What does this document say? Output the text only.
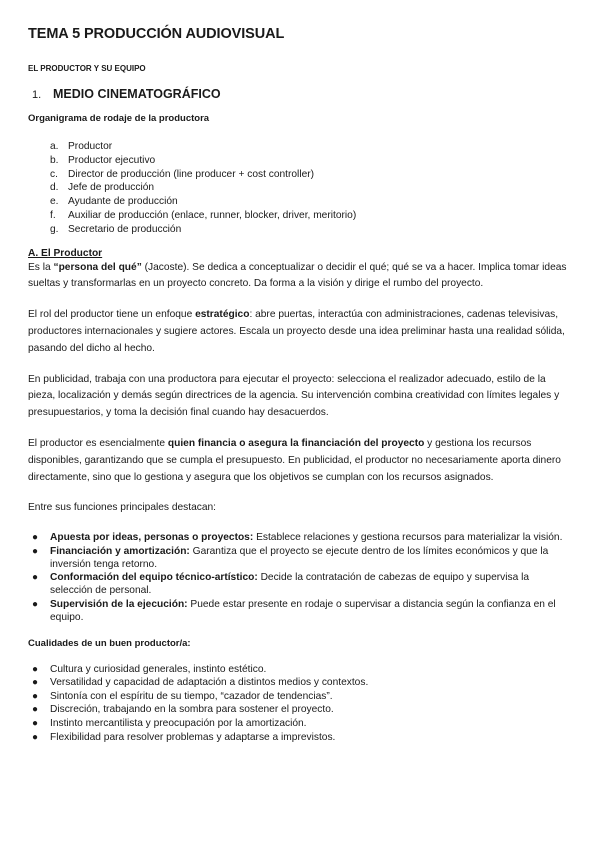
TEMA 5 PRODUCCIÓN AUDIOVISUAL
EL PRODUCTOR Y SU EQUIPO
1. MEDIO CINEMATOGRÁFICO
Organigrama de rodaje de la productora
a. Productor
b. Productor ejecutivo
c. Director de producción (line producer + cost controller)
d. Jefe de producción
e. Ayudante de producción
f.	Auxiliar de producción (enlace, runner, blocker, driver, meritorio)
g. Secretario de producción
A. El Productor

Es la “persona del qué” (Jacoste). Se dedica a conceptualizar o decidir el qué; qué se va a hacer. Implica tomar ideas sueltas y transformarlas en un proyecto concreto. Da forma a la visión y dirige el rumbo del proyecto.

El rol del productor tiene un enfoque estratégico: abre puertas, interactúa con administraciones, cadenas televisivas, productores internacionales y sugiere actores. Escala un proyecto desde una idea preliminar hasta una realidad sólida, pasando del dicho al hecho.

En publicidad, trabaja con una productora para ejecutar el proyecto: selecciona el realizador adecuado, estilo de la pieza, localización y demás según directrices de la agencia. Su intervención combina creatividad con límites legales y presupuestarios, y toma la decisión final cuando hay desacuerdos.

El productor es esencialmente quien financia o asegura la financiación del proyecto y gestiona los recursos disponibles, garantizando que se cumpla el presupuesto. En publicidad, el productor no necesariamente aporta dinero directamente, sino que lo gestiona y asegura que los objetivos se cumplan con los recursos asignados.

Entre sus funciones principales destacan:

●	Apuesta por ideas, personas o proyectos: Establece relaciones y gestiona recursos para materializar la visión.
●	Financiación y amortización: Garantiza que el proyecto se ejecute dentro de los límites económicos y que la inversión tenga retorno.
●	Conformación del equipo técnico-artístico: Decide la contratación de cabezas de equipo y supervisa la selección de personal.
●	Supervisión de la ejecución: Puede estar presente en rodaje o supervisar a distancia según la confianza en el equipo.
Cualidades de un buen productor/a:
●	Cultura y curiosidad generales, instinto estético.
●	Versatilidad y capacidad de adaptación a distintos medios y contextos.
●	Sintonía con el espíritu de su tiempo, “cazador de tendencias”.
●	Discreción, trabajando en la sombra para sostener el proyecto.
●	Instinto mercantilista y preocupación por la amortización.
●	Flexibilidad para resolver problemas y adaptarse a imprevistos.
